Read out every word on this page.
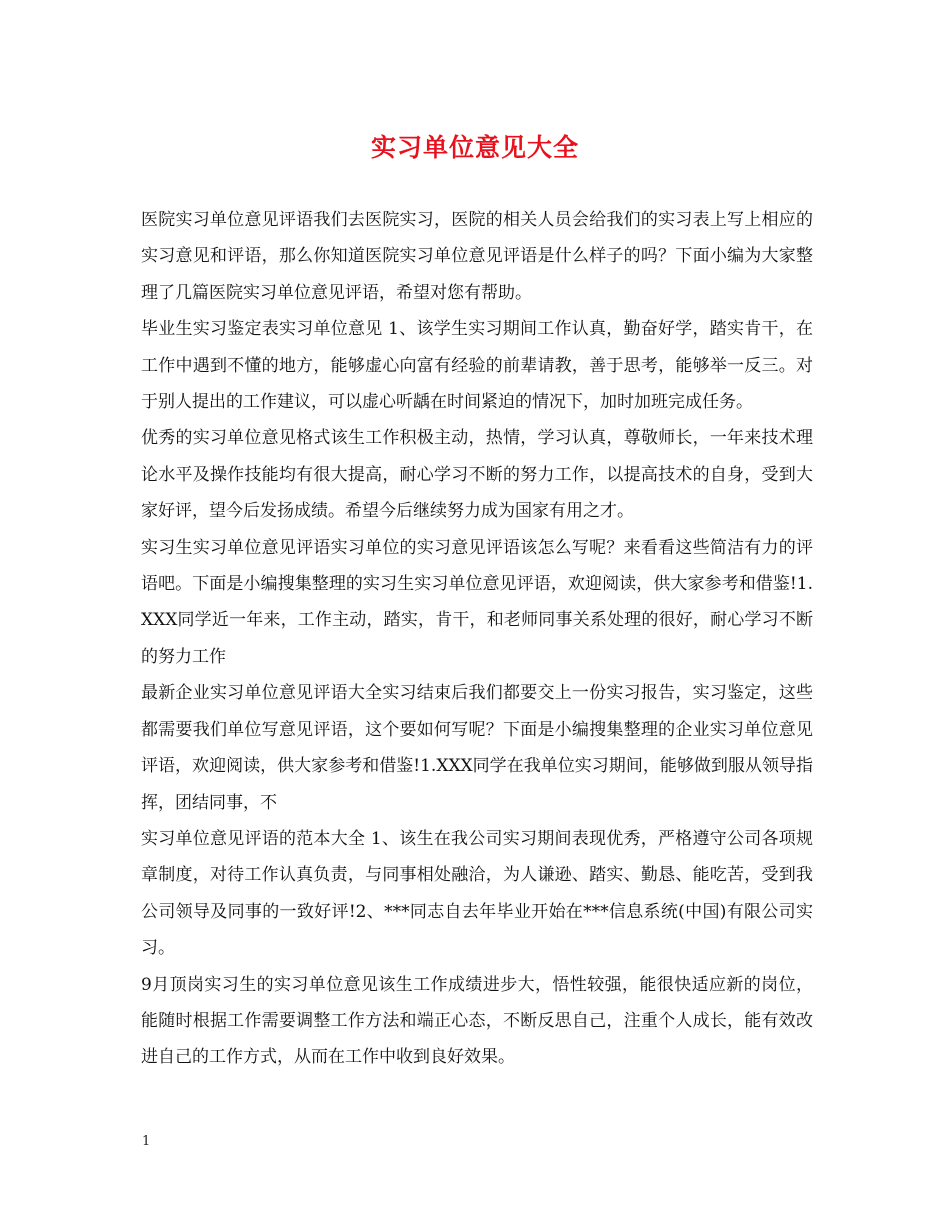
实习单位意见大全

医院实习单位意见评语我们去医院实习，医院的相关人员会给我们的实习表上写上相应的实习意见和评语，那么你知道医院实习单位意见评语是什么样子的吗？下面小编为大家整理了几篇医院实习单位意见评语，希望对您有帮助。

毕业生实习鉴定表实习单位意见 1、该学生实习期间工作认真，勤奋好学，踏实肯干，在工作中遇到不懂的地方，能够虚心向富有经验的前辈请教，善于思考，能够举一反三。对于别人提出的工作建议，可以虚心听龋在时间紧迫的情况下，加时加班完成任务。

优秀的实习单位意见格式该生工作积极主动，热情，学习认真，尊敬师长，一年来技术理论水平及操作技能均有很大提高，耐心学习不断的努力工作，以提高技术的自身，受到大家好评，望今后发扬成绩。希望今后继续努力成为国家有用之才。

实习生实习单位意见评语实习单位的实习意见评语该怎么写呢？来看看这些简洁有力的评语吧。下面是小编搜集整理的实习生实习单位意见评语，欢迎阅读，供大家参考和借鉴!1.XXX同学近一年来，工作主动，踏实，肯干，和老师同事关系处理的很好，耐心学习不断的努力工作

最新企业实习单位意见评语大全实习结束后我们都要交上一份实习报告，实习鉴定，这些都需要我们单位写意见评语，这个要如何写呢？下面是小编搜集整理的企业实习单位意见评语，欢迎阅读，供大家参考和借鉴!1.XXX同学在我单位实习期间，能够做到服从领导指挥，团结同事，不

实习单位意见评语的范本大全 1、该生在我公司实习期间表现优秀，严格遵守公司各项规章制度，对待工作认真负责，与同事相处融洽，为人谦逊、踏实、勤恳、能吃苦，受到我公司领导及同事的一致好评!2、***同志自去年毕业开始在***信息系统(中国)有限公司实习。

9月顶岗实习生的实习单位意见该生工作成绩进步大，悟性较强，能很快适应新的岗位，能随时根据工作需要调整工作方法和端正心态，不断反思自己，注重个人成长，能有效改进自己的工作方式，从而在工作中收到良好效果。

1
